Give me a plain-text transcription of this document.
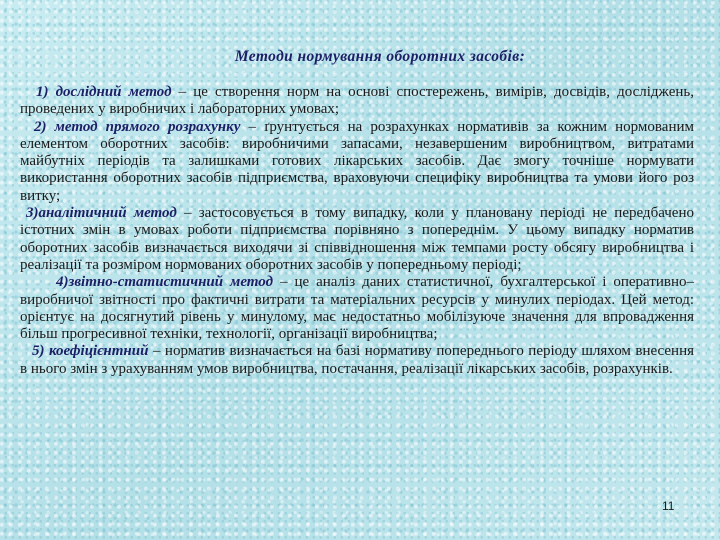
Методи нормування оборотних засобів:

1) дослідний метод – це створення норм на основі спостережень, вимірів, досвідів, досліджень, проведених у виробничих і лабораторних умовах;

2) метод прямого розрахунку – ґрунтується на розрахунках нормативів за кожним нормованим елементом оборотних засобів: виробничими запасами, незавершеним виробництвом, витратами майбутніх періодів та залишками готових лікарських засобів. Дає змогу точніше нормувати використання оборотних засобів підприємства, враховуючи специфіку виробництва та умови його роз витку;

3)аналітичний метод – застосовується в тому випадку, коли у плановану періоді не передбачено істотних змін в умовах роботи підприємства порівняно з попереднім. У цьому випадку норматив оборотних засобів визначається виходячи зі співвідношення між темпами росту обсягу виробництва і реалізації та розміром нормованих оборотних засобів у попередньому періоді;

4)звітно-статистичний метод – це аналіз даних статистичної, бухгалтерської і оперативно–виробничої звітності про фактичні витрати та матеріальних ресурсів у минулих періодах. Цей метод: орієнтує на досягнутий рівень у минулому, має недостатньо мобілізуюче значення для впровадження більш прогресивної техніки, технології, організації виробництва;

5) коефіцієнтний – норматив визначається на базі нормативу попереднього періоду шляхом внесення в нього змін з урахуванням умов виробництва, постачання, реалізації лікарських засобів, розрахунків.

11
